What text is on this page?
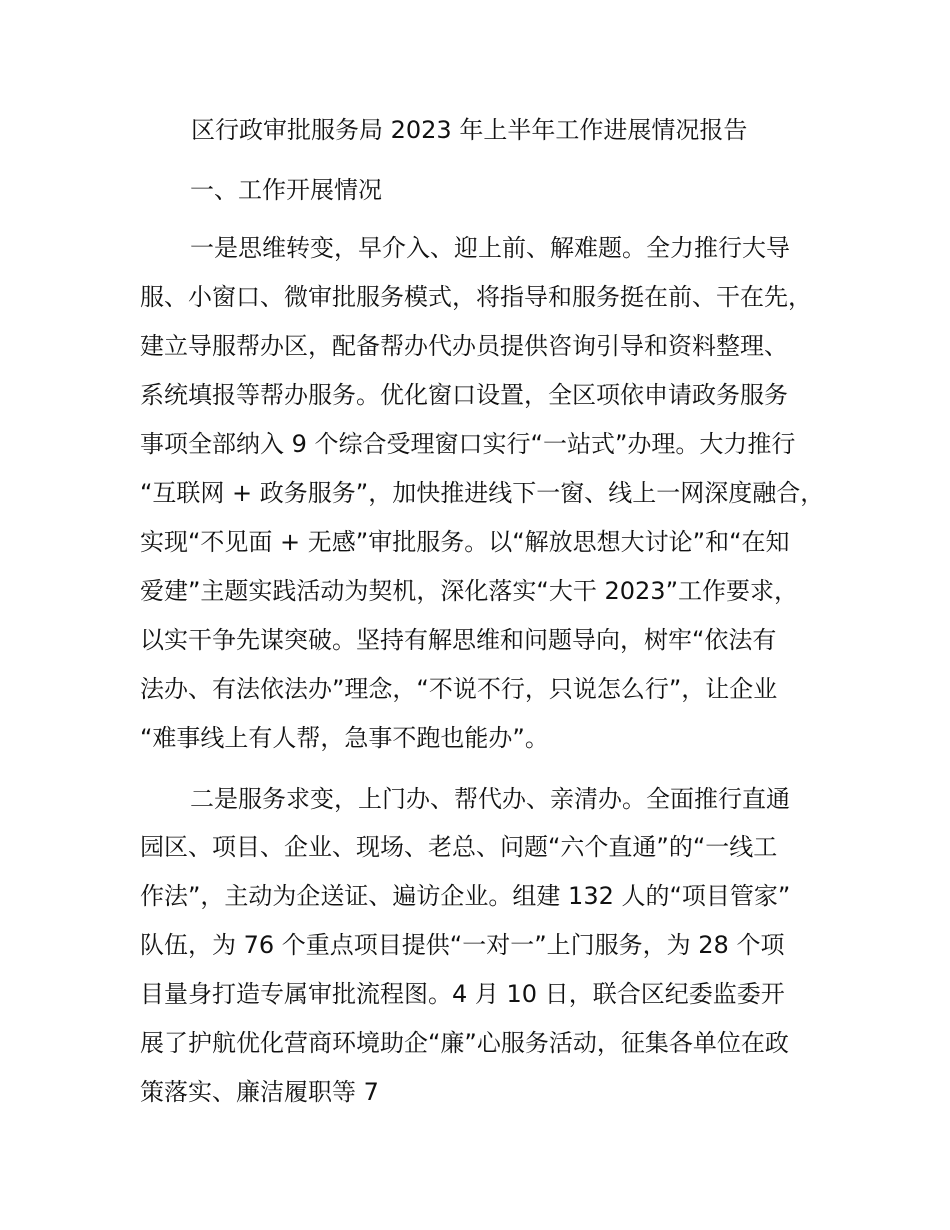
区行政审批服务局 2023 年上半年工作进展情况报告

一、工作开展情况

一是思维转变，早介入、迎上前、解难题。全力推行大导

服、小窗口、微审批服务模式，将指导和服务挺在前、干在先，

建立导服帮办区，配备帮办代办员提供咨询引导和资料整理、

系统填报等帮办服务。优化窗口设置，全区项依申请政务服务

事项全部纳入 9 个综合受理窗口实行“一站式”办理。大力推行

“互联网 + 政务服务”，加快推进线下一窗、线上一网深度融合，

实现“不见面 + 无感”审批服务。以“解放思想大讨论”和“在知

爱建”主题实践活动为契机，深化落实“大干 2023”工作要求，

以实干争先谋突破。坚持有解思维和问题导向，树牢“依法有

法办、有法依法办”理念，“不说不行，只说怎么行”，让企业

“难事线上有人帮，急事不跑也能办”。

二是服务求变，上门办、帮代办、亲清办。全面推行直通

园区、项目、企业、现场、老总、问题“六个直通”的“一线工

作法”，主动为企送证、遍访企业。组建 132 人的“项目管家”

队伍，为 76 个重点项目提供“一对一”上门服务，为 28 个项

目量身打造专属审批流程图。4 月 10 日，联合区纪委监委开

展了护航优化营商环境助企“廉”心服务活动，征集各单位在政

策落实、廉洁履职等 7
